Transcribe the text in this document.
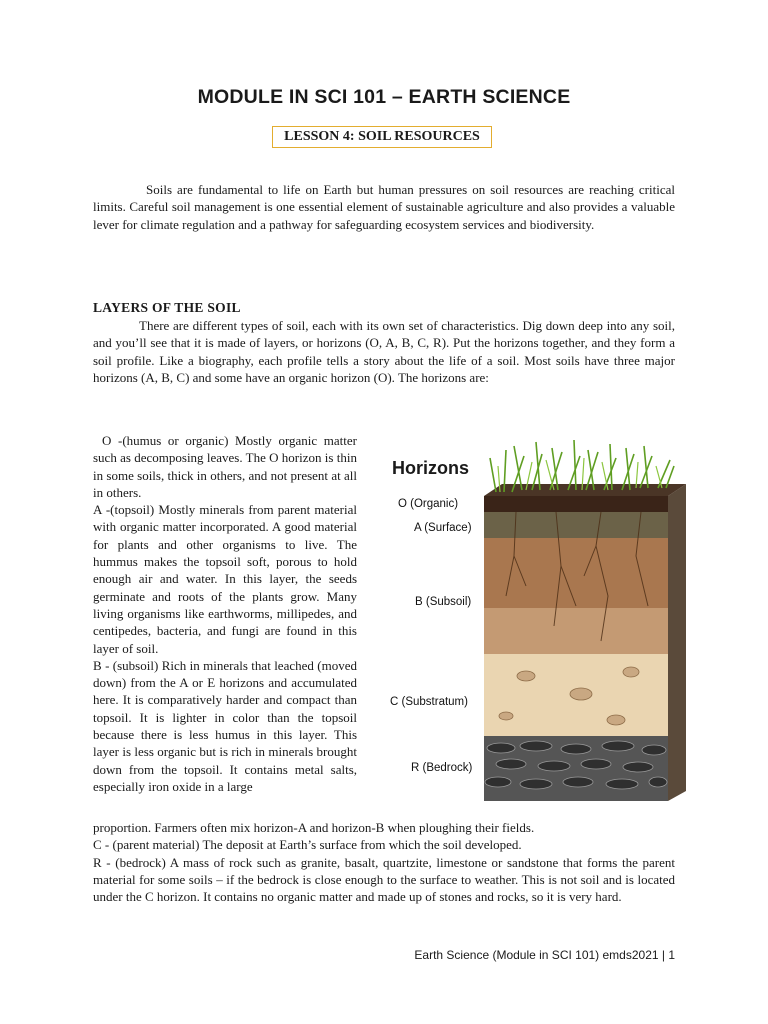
MODULE IN SCI 101 – EARTH SCIENCE
LESSON 4: SOIL RESOURCES

Soils are fundamental to life on Earth but human pressures on soil resources are reaching critical limits. Careful soil management is one essential element of sustainable agriculture and also provides a valuable lever for climate regulation and a pathway for safeguarding ecosystem services and biodiversity.

LAYERS OF THE SOIL

There are different types of soil, each with its own set of characteristics. Dig down deep into any soil, and you’ll see that it is made of layers, or horizons (O, A, B, C, R). Put the horizons together, and they form a soil profile. Like a biography, each profile tells a story about the life of a soil. Most soils have three major horizons (A, B, C) and some have an organic horizon (O). The horizons are:

O -(humus or organic) Mostly organic matter such as decomposing leaves. The O horizon is thin in some soils, thick in others, and not present at all in others.

A -(topsoil) Mostly minerals from parent material with organic matter incorporated. A good material for plants and other organisms to live. The hummus makes the topsoil soft, porous to hold enough air and water. In this layer, the seeds germinate and roots of the plants grow. Many living organisms like earthworms, millipedes, and centipedes, bacteria, and fungi are found in this layer of soil.

B - (subsoil) Rich in minerals that leached (moved down) from the A or E horizons and accumulated here. It is comparatively harder and compact than topsoil. It is lighter in color than the topsoil because there is less humus in this layer. This layer is less organic but is rich in minerals brought down from the topsoil. It contains metal salts, especially iron oxide in a large

proportion. Farmers often mix horizon-A and horizon-B when ploughing their fields.

C - (parent material) The deposit at Earth’s surface from which the soil developed.

R - (bedrock) A mass of rock such as granite, basalt, quartzite, limestone or sandstone that forms the parent material for some soils – if the bedrock is close enough to the surface to weather. This is not soil and is located under the C horizon. It contains no organic matter and made up of stones and rocks, so it is very hard.

Horizons
O (Organic)
A (Surface)
B (Subsoil)
C (Substratum)
R (Bedrock)
Earth Science (Module in SCI 101) emds2021 | 1
